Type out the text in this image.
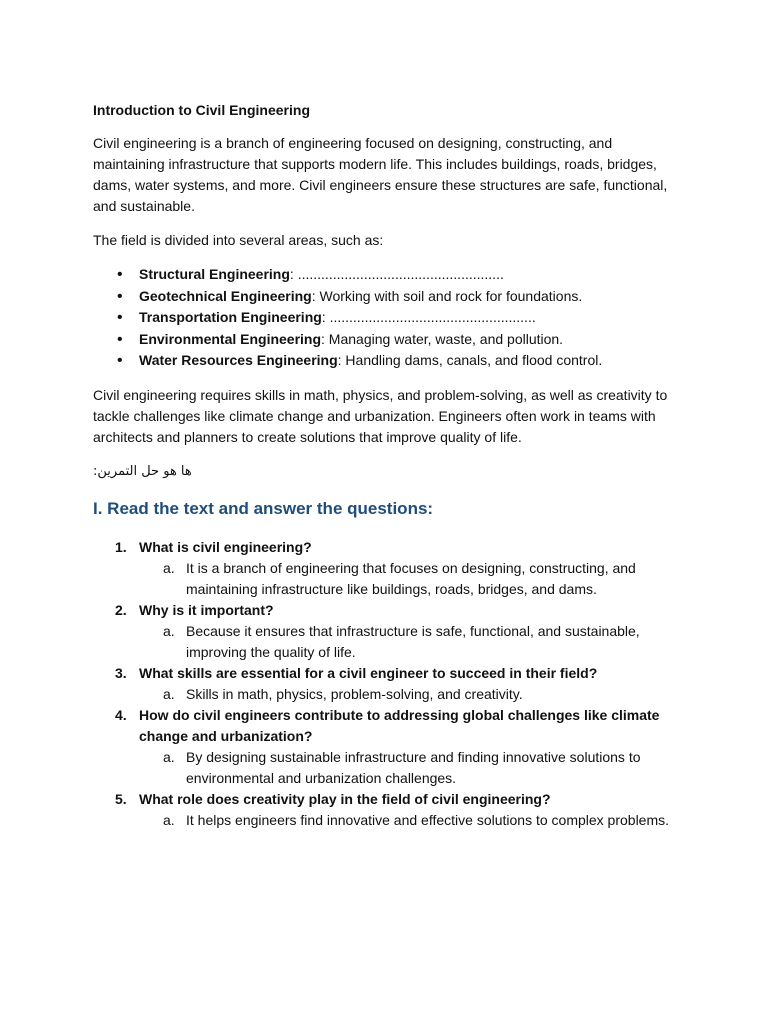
Introduction to Civil Engineering

Civil engineering is a branch of engineering focused on designing, constructing, and maintaining infrastructure that supports modern life. This includes buildings, roads, bridges, dams, water systems, and more. Civil engineers ensure these structures are safe, functional, and sustainable.

The field is divided into several areas, such as:

• Structural Engineering: .....................................................
• Geotechnical Engineering: Working with soil and rock for foundations.
• Transportation Engineering: .....................................................
• Environmental Engineering: Managing water, waste, and pollution.
• Water Resources Engineering: Handling dams, canals, and flood control.

Civil engineering requires skills in math, physics, and problem-solving, as well as creativity to tackle challenges like climate change and urbanization. Engineers often work in teams with architects and planners to create solutions that improve quality of life.

ها هو حل التمرين:
I. Read the text and answer the questions:
1. What is civil engineering?
a. It is a branch of engineering that focuses on designing, constructing, and maintaining infrastructure like buildings, roads, bridges, and dams.
2. Why is it important?
a. Because it ensures that infrastructure is safe, functional, and sustainable, improving the quality of life.
3. What skills are essential for a civil engineer to succeed in their field?
a. Skills in math, physics, problem-solving, and creativity.
4. How do civil engineers contribute to addressing global challenges like climate change and urbanization?
a. By designing sustainable infrastructure and finding innovative solutions to environmental and urbanization challenges.
5. What role does creativity play in the field of civil engineering?
a. It helps engineers find innovative and effective solutions to complex problems.
